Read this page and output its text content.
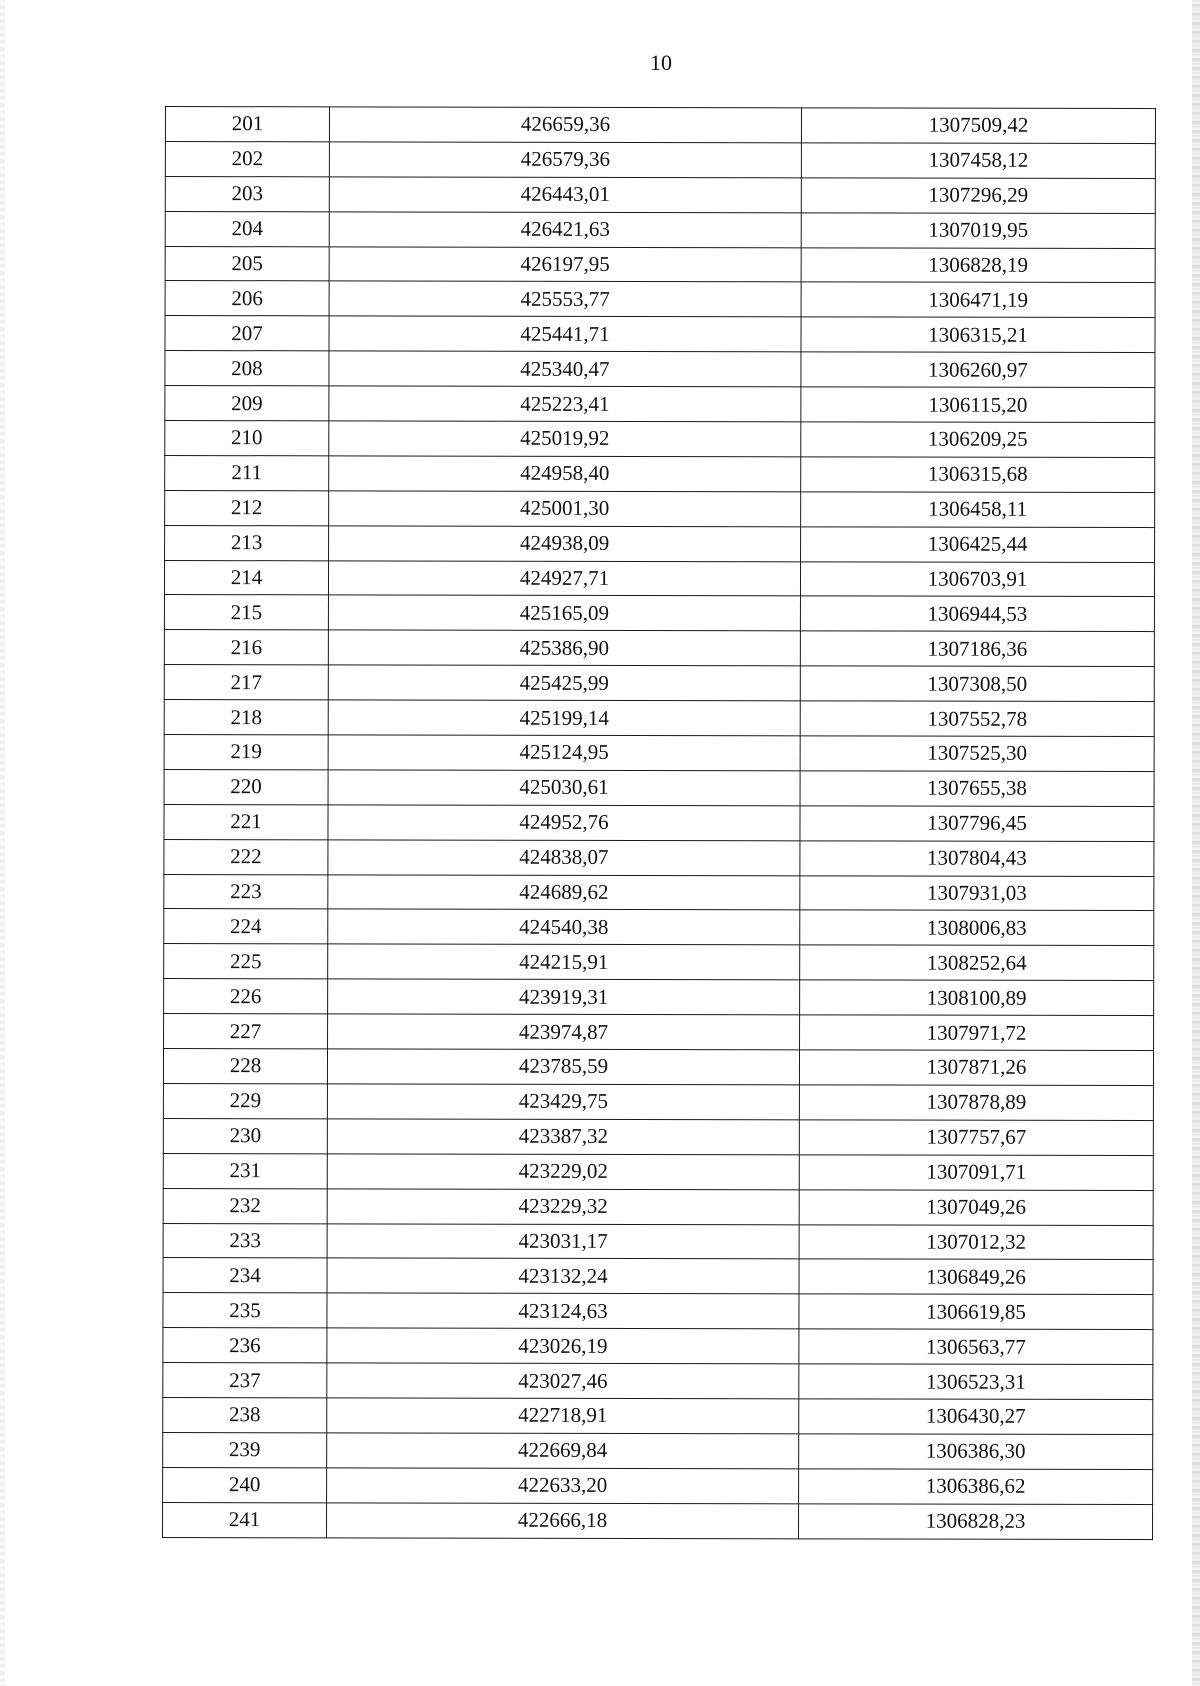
10
201	426659,36	1307509,42
202	426579,36	1307458,12
203	426443,01	1307296,29
204	426421,63	1307019,95
205	426197,95	1306828,19
206	425553,77	1306471,19
207	425441,71	1306315,21
208	425340,47	1306260,97
209	425223,41	1306115,20
210	425019,92	1306209,25
211	424958,40	1306315,68
212	425001,30	1306458,11
213	424938,09	1306425,44
214	424927,71	1306703,91
215	425165,09	1306944,53
216	425386,90	1307186,36
217	425425,99	1307308,50
218	425199,14	1307552,78
219	425124,95	1307525,30
220	425030,61	1307655,38
221	424952,76	1307796,45
222	424838,07	1307804,43
223	424689,62	1307931,03
224	424540,38	1308006,83
225	424215,91	1308252,64
226	423919,31	1308100,89
227	423974,87	1307971,72
228	423785,59	1307871,26
229	423429,75	1307878,89
230	423387,32	1307757,67
231	423229,02	1307091,71
232	423229,32	1307049,26
233	423031,17	1307012,32
234	423132,24	1306849,26
235	423124,63	1306619,85
236	423026,19	1306563,77
237	423027,46	1306523,31
238	422718,91	1306430,27
239	422669,84	1306386,30
240	422633,20	1306386,62
241	422666,18	1306828,23
